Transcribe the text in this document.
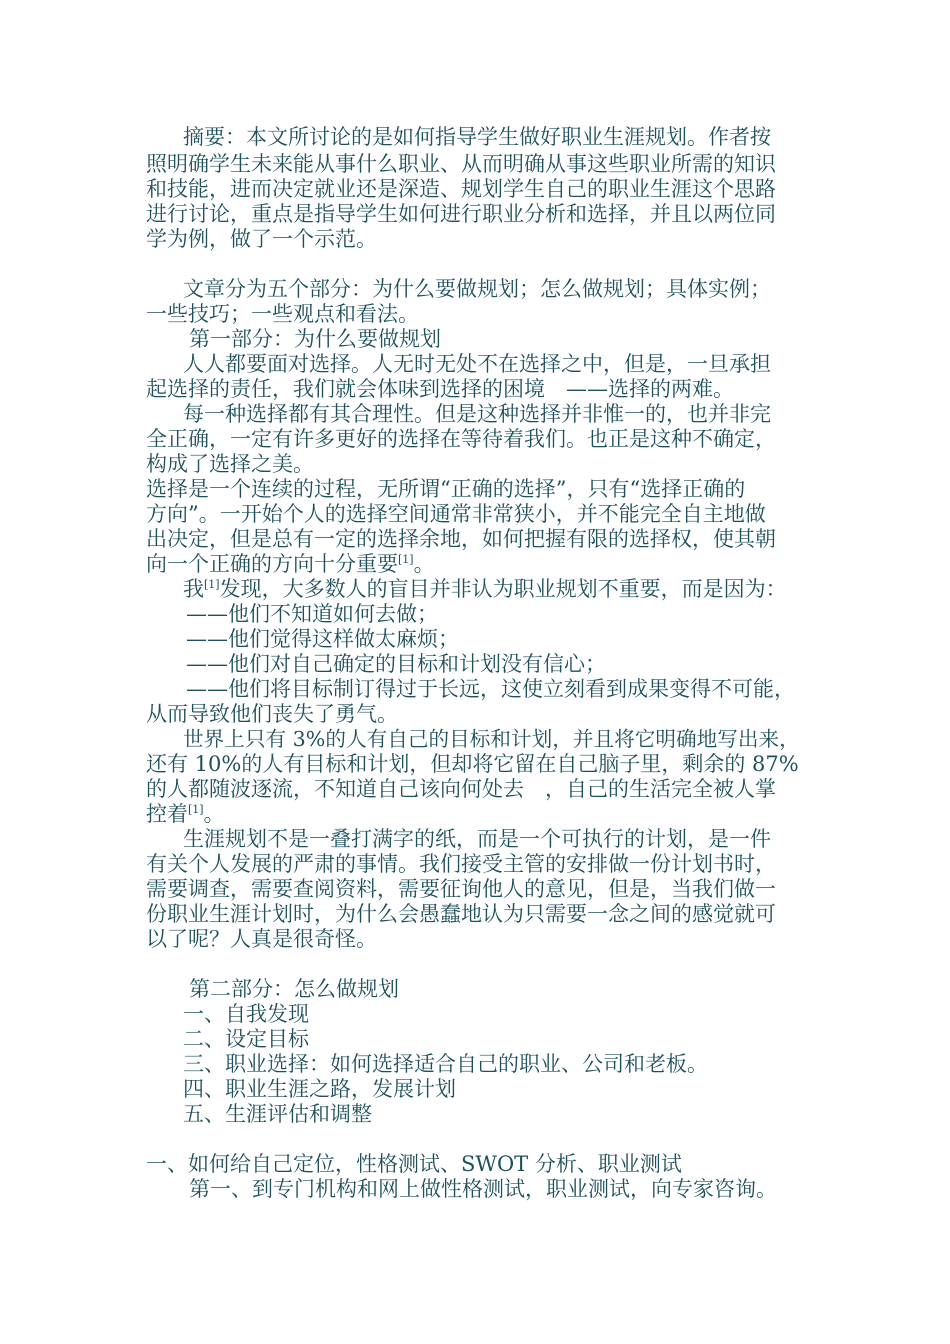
摘要：本文所讨论的是如何指导学生做好职业生涯规划。作者按
照明确学生未来能从事什么职业、从而明确从事这些职业所需的知识
和技能，进而决定就业还是深造、规划学生自己的职业生涯这个思路
进行讨论，重点是指导学生如何进行职业分析和选择，并且以两位同
学为例，做了一个示范。
文章分为五个部分：为什么要做规划；怎么做规划；具体实例；
一些技巧；一些观点和看法。
第一部分：为什么要做规划
人人都要面对选择。人无时无处不在选择之中，但是，一旦承担
起选择的责任，我们就会体味到选择的困境　——选择的两难。
每一种选择都有其合理性。但是这种选择并非惟一的，也并非完
全正确，一定有许多更好的选择在等待着我们。也正是这种不确定，
构成了选择之美。
选择是一个连续的过程，无所谓“正确的选择”，只有“选择正确的
方向”。一开始个人的选择空间通常非常狭小，并不能完全自主地做
出决定，但是总有一定的选择余地，如何把握有限的选择权，使其朝
向一个正确的方向十分重要[1]。
我[1]发现，大多数人的盲目并非认为职业规划不重要，而是因为：
——他们不知道如何去做；
——他们觉得这样做太麻烦；
——他们对自己确定的目标和计划没有信心；
——他们将目标制订得过于长远，这使立刻看到成果变得不可能，
从而导致他们丧失了勇气。
世界上只有 3%的人有自己的目标和计划，并且将它明确地写出来，
还有 10%的人有目标和计划，但却将它留在自己脑子里，剩余的 87%
的人都随波逐流，不知道自己该向何处去　，自己的生活完全被人掌
控着[1]。
生涯规划不是一叠打满字的纸，而是一个可执行的计划，是一件
有关个人发展的严肃的事情。我们接受主管的安排做一份计划书时，
需要调查，需要查阅资料，需要征询他人的意见，但是，当我们做一
份职业生涯计划时，为什么会愚蠢地认为只需要一念之间的感觉就可
以了呢？人真是很奇怪。
第二部分：怎么做规划
一、自我发现
二、设定目标
三、职业选择：如何选择适合自己的职业、公司和老板。
四、职业生涯之路，发展计划
五、生涯评估和调整
一、如何给自己定位，性格测试、SWOT 分析、职业测试
第一、到专门机构和网上做性格测试，职业测试，向专家咨询。
